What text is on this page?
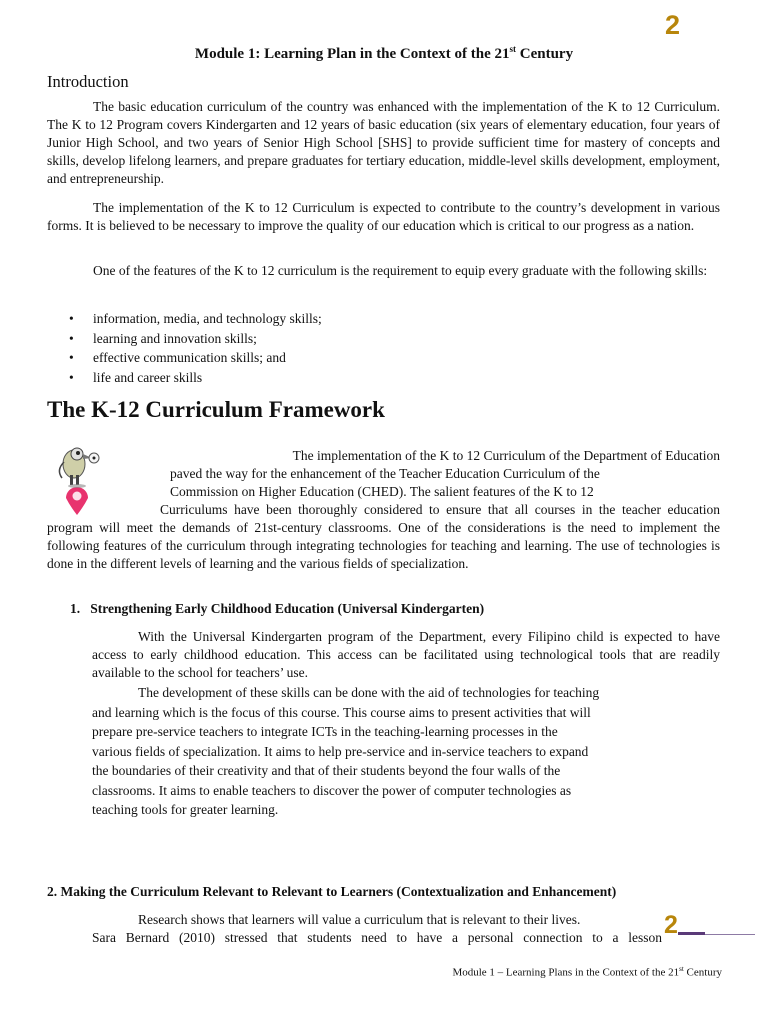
2
Module 1: Learning Plan in the Context of the 21st Century
Introduction

The basic education curriculum of the country was enhanced with the implementation of the K to 12 Curriculum. The K to 12 Program covers Kindergarten and 12 years of basic education (six years of elementary education, four years of Junior High School, and two years of Senior High School [SHS] to provide sufficient time for mastery of concepts and skills, develop lifelong learners, and prepare graduates for tertiary education, middle-level skills development, employment, and entrepreneurship.

The implementation of the K to 12 Curriculum is expected to contribute to the country’s development in various forms. It is believed to be necessary to improve the quality of our education which is critical to our progress as a nation.

One of the features of the K to 12 curriculum is the requirement to equip every graduate with the following skills:

• information, media, and technology skills;
• learning and innovation skills;
• effective communication skills; and
• life and career skills
The K-12 Curriculum Framework
The implementation of the K to 12 Curriculum of the Department of Education
paved the way for the enhancement of the Teacher Education Curriculum of the
Commission on Higher Education (CHED). The salient features of the K to 12

Curriculums have been thoroughly considered to ensure that all courses in the teacher education program will meet the demands of 21st-century classrooms. One of the considerations is the need to implement the following features of the curriculum through integrating technologies for teaching and learning. The use of technologies is done in the different levels of learning and the various fields of specialization.

1.   Strengthening Early Childhood Education (Universal Kindergarten)

With the Universal Kindergarten program of the Department, every Filipino child is expected to have access to early childhood education. This access can be facilitated using technological tools that are readily available to the school for teachers’ use.

The development of these skills can be done with the aid of technologies for teaching
and learning which is the focus of this course. This course aims to present activities that will
prepare pre-service teachers to integrate ICTs in the teaching-learning processes in the
various fields of specialization. It aims to help pre-service and in-service teachers to expand
the boundaries of their creativity and that of their students beyond the four walls of the
classrooms. It aims to enable teachers to discover the power of computer technologies as
teaching tools for greater learning.
2. Making the Curriculum Relevant to Relevant to Learners (Contextualization and Enhancement)
Research shows that learners will value a curriculum that is relevant to their lives.
Sara Bernard (2010) stressed that students need to have a personal connection to a lesson 2
Module 1 – Learning Plans in the Context of the 21st Century
